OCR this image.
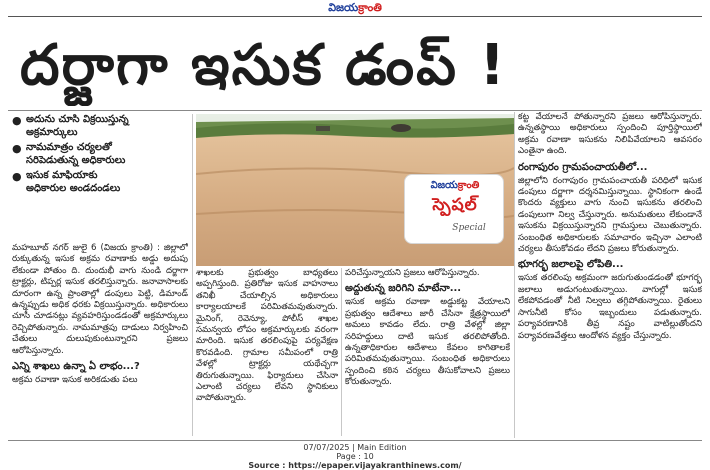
విజయక్రాంతి
దర్జాగా ఇసుక డంప్ !
● అదును చూసి విక్రయిస్తున్న
అక్రమార్కులు
● నామమాత్రం చర్యలతో
సరిపెడుతున్న అధికారులు
● ఇసుక మాఫియాకు
అధికారుల అండదండలు

మహబూబ్ నగర్ జులై 6 (విజయ క్రాంతి) : జిల్లాలో రుక్కుతున్న ఇసుక అక్రమ రవాణాకు అడ్డు అదుపు లేకుండా పోతుం ది. దుందుభీ వాగు నుండి దర్జాగా ట్రాక్టర్లు, టిప్పర్ల ఇసుక తరలిస్తున్నారు. జనావాసాలకు దూరంగా ఉన్న ప్రాంతాల్లో డంపులు పెట్టి, డిమాండ్ ఉన్నప్పుడు అధిక ధరకు విక్రయిస్తున్నారు. అధికారులు చూసీ చూడనట్లు వ్యవహరిస్తుండడంతో అక్రమార్కులు రెచ్చిపోతున్నారు. నామమాత్రపు దాడులు నిర్వహించి చేతులు దులుపుకుంటున్నారని ప్రజలు ఆరోపిస్తున్నారు.

ఎన్ని శాఖలు ఉన్నా ఏ లాభం...?

అక్రమ రవాణా ఇసుక అరికడుతు పలు

విజయక్రాంతి
స్పెషల్
Special

శాఖలకు ప్రభుత్వం బాధ్యతలు అప్పగిస్తుంది. ప్రతిరోజు ఇసుక వాహనాలు తనిఖీ చేయాల్సిన అధికారులు కార్యాలయాలకే పరిమితమవుతున్నారు. మైనింగ్, రెవెన్యూ, పోలీస్ శాఖల సమన్వయ లోపం అక్రమార్కులకు వరంగా మారింది. ఇసుక తరలింపుపై పర్యవేక్షణ కొరవడింది. గ్రామాల సమీపంలో రాత్రి వేళల్లో ట్రాక్టర్లు యథేచ్ఛగా తిరుగుతున్నాయి. ఫిర్యాదులు చేసినా ఎలాంటి చర్యలు లేవని స్థానికులు వాపోతున్నారు.

పరిచేస్తున్నాయని ప్రజలు ఆరోపిస్తున్నారు.

అద్దుతున్న జరిగిని మాటేనా...

ఇసుక అక్రమ రవాణా అడ్డుకట్ట వేయాలని ప్రభుత్వం ఆదేశాలు జారీ చేసినా క్షేత్రస్థాయిలో అమలు కావడం లేదు. రాత్రి వేళల్లో జిల్లా సరిహద్దులు దాటి ఇసుక తరలిపోతోంది. ఉన్నతాధికారుల ఆదేశాలు కేవలం కాగితాలకే పరిమితమవుతున్నాయి. సంబంధిత అధికారులు స్పందించి కఠిన చర్యలు తీసుకోవాలని ప్రజలు కోరుతున్నారు.

కట్ట వేయాలనే పోతున్నారని ప్రజలు ఆరోపిస్తున్నారు. ఉన్నతస్థాయి అధికారులు స్పందించి పూర్తిస్థాయిలో అక్రమ రవాణా ఇసుకను నిలిపివేయాలని ఆవసరం ఎంతైనా ఉంది.

రంగాపురం గ్రామపంచాయతీలో...

జిల్లాలోని రంగాపురం గ్రామపంచాయతీ పరిధిలో ఇసుక డంపులు దర్జాగా దర్శనమిస్తున్నాయి. స్థానికంగా ఉండే కొందరు వ్యక్తులు వాగు నుంచి ఇసుకను తరలించి డంపులుగా నిల్వ చేస్తున్నారు. అనుమతులు లేకుండానే ఇసుకను విక్రయిస్తున్నారని గ్రామస్తులు చెబుతున్నారు. సంబంధిత అధికారులకు సమాచారం ఇచ్చినా ఎలాంటి చర్యలు తీసుకోవడం లేదని ప్రజలు కోరుతున్నారు.

భూగర్భ జలాలపై లోపితి...

ఇసుక తరలింపు అక్రమంగా జరుగుతుండడంతో భూగర్భ జలాలు అడుగంటుతున్నాయి. వాగుల్లో ఇసుక లేకపోవడంతో నీటి నిల్వలు తగ్గిపోతున్నాయి. రైతులు సాగునీటి కోసం ఇబ్బందులు పడుతున్నారు. పర్యావరణానికి తీవ్ర నష్టం వాటిల్లుతోందని పర్యావరణవేత్తలు ఆందోళన వ్యక్తం చేస్తున్నారు.

07/07/2025 | Main Edition
Page : 10
Source : https://epaper.vijayakranthinews.com/
